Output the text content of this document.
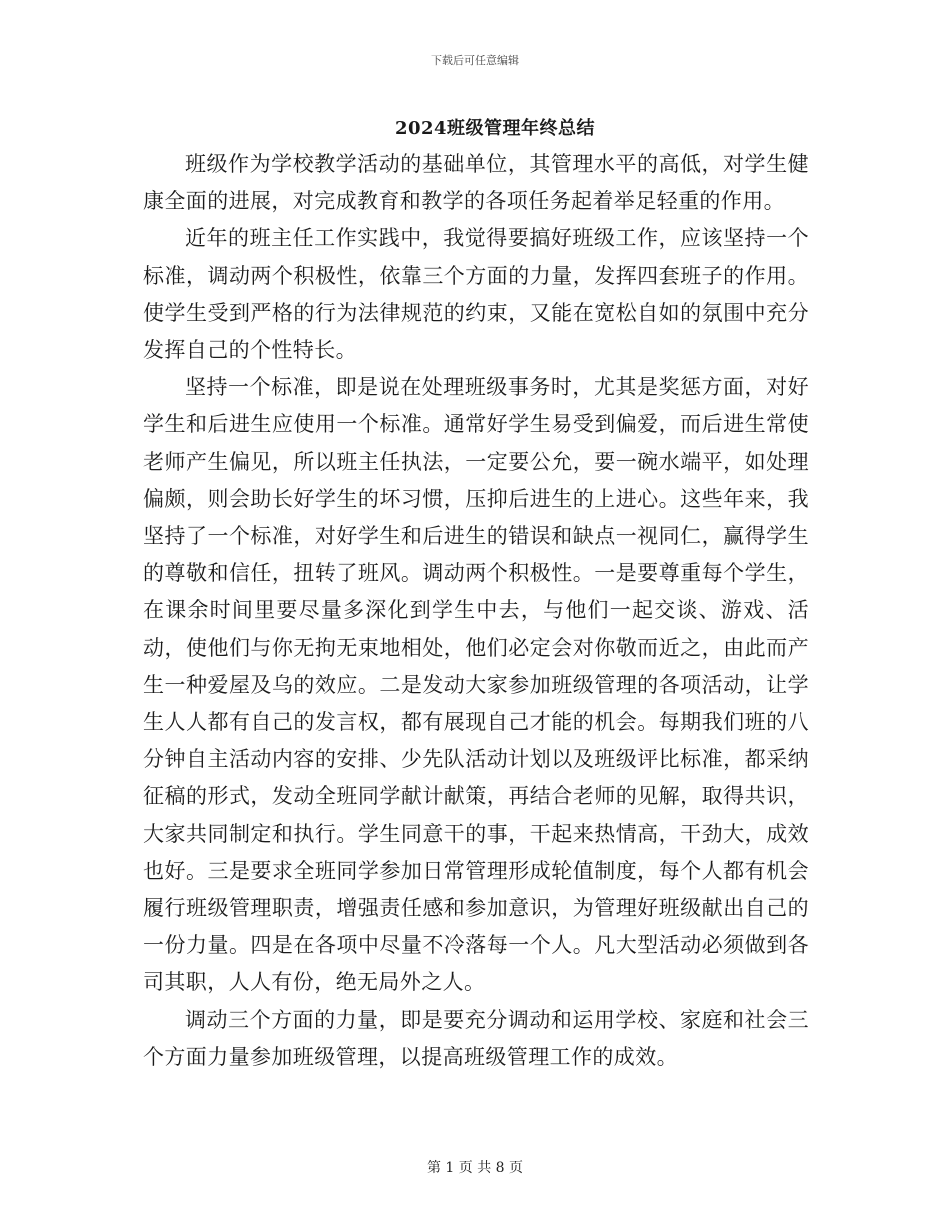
下载后可任意编辑
2024班级管理年终总结

班级作为学校教学活动的基础单位，其管理水平的高低，对学生健康全面的进展，对完成教育和教学的各项任务起着举足轻重的作用。

近年的班主任工作实践中，我觉得要搞好班级工作，应该坚持一个标准，调动两个积极性，依靠三个方面的力量，发挥四套班子的作用。使学生受到严格的行为法律规范的约束，又能在宽松自如的氛围中充分发挥自己的个性特长。

坚持一个标准，即是说在处理班级事务时，尤其是奖惩方面，对好学生和后进生应使用一个标准。通常好学生易受到偏爱，而后进生常使老师产生偏见，所以班主任执法，一定要公允，要一碗水端平，如处理偏颇，则会助长好学生的坏习惯，压抑后进生的上进心。这些年来，我坚持了一个标准，对好学生和后进生的错误和缺点一视同仁，赢得学生的尊敬和信任，扭转了班风。调动两个积极性。一是要尊重每个学生，在课余时间里要尽量多深化到学生中去，与他们一起交谈、游戏、活动，使他们与你无拘无束地相处，他们必定会对你敬而近之，由此而产生一种爱屋及乌的效应。二是发动大家参加班级管理的各项活动，让学生人人都有自己的发言权，都有展现自己才能的机会。每期我们班的八分钟自主活动内容的安排、少先队活动计划以及班级评比标准，都采纳征稿的形式，发动全班同学献计献策，再结合老师的见解，取得共识，大家共同制定和执行。学生同意干的事，干起来热情高，干劲大，成效也好。三是要求全班同学参加日常管理形成轮值制度，每个人都有机会履行班级管理职责，增强责任感和参加意识，为管理好班级献出自己的一份力量。四是在各项中尽量不冷落每一个人。凡大型活动必须做到各司其职，人人有份，绝无局外之人。

调动三个方面的力量，即是要充分调动和运用学校、家庭和社会三个方面力量参加班级管理，以提高班级管理工作的成效。

第 1 页 共 8 页
